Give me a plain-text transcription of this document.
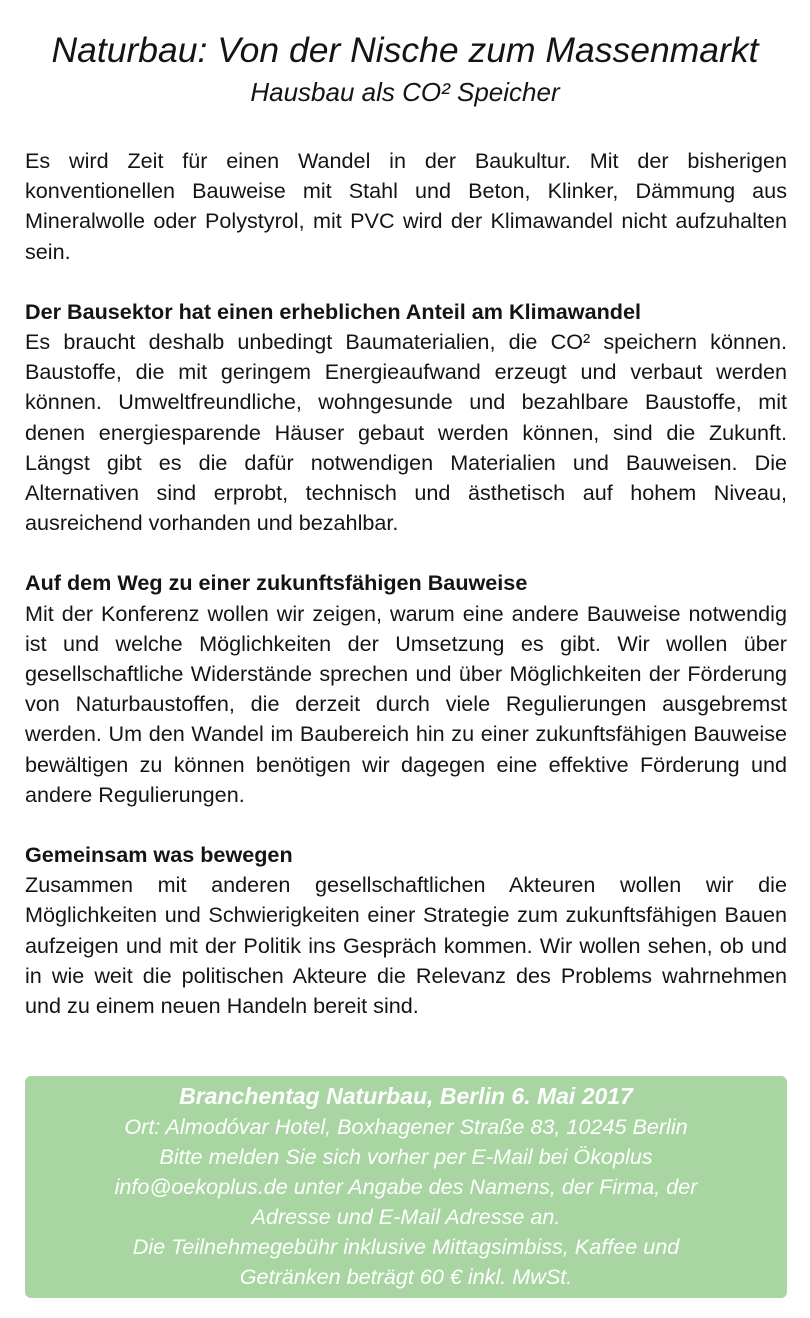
Naturbau: Von der Nische zum Massenmarkt
Hausbau als CO² Speicher

Es wird Zeit für einen Wandel in der Baukultur. Mit der bisherigen konventionellen Bauweise mit Stahl und Beton, Klinker, Dämmung aus Mineralwolle oder Polystyrol, mit PVC wird der Klimawandel nicht aufzuhalten sein.

Der Bausektor hat einen erheblichen Anteil am Klimawandel

Es braucht deshalb unbedingt Baumaterialien, die CO² speichern können. Baustoffe, die mit geringem Energieaufwand erzeugt und verbaut werden können. Umweltfreundliche, wohngesunde und bezahlbare Baustoffe, mit denen energiesparende Häuser gebaut werden können, sind die Zukunft. Längst gibt es die dafür notwendigen Materialien und Bauweisen. Die Alternativen sind erprobt, technisch und ästhetisch auf hohem Niveau, ausreichend vorhanden und bezahlbar.

Auf dem Weg zu einer zukunftsfähigen Bauweise

Mit der Konferenz wollen wir zeigen, warum eine andere Bauweise notwendig ist und welche Möglichkeiten der Umsetzung es gibt. Wir wollen über gesellschaftliche Widerstände sprechen und über Möglichkeiten der Förderung von Naturbaustoffen, die derzeit durch viele Regulierungen ausgebremst werden. Um den Wandel im Baubereich hin zu einer zukunftsfähigen Bauweise bewältigen zu können benötigen wir dagegen eine effektive Förderung und andere Regulierungen.

Gemeinsam was bewegen

Zusammen mit anderen gesellschaftlichen Akteuren wollen wir die Möglichkeiten und Schwierigkeiten einer Strategie zum zukunftsfähigen Bauen aufzeigen und mit der Politik ins Gespräch kommen. Wir wollen sehen, ob und in wie weit die politischen Akteure die Relevanz des Problems wahrnehmen und zu einem neuen Handeln bereit sind.

Branchentag Naturbau, Berlin 6. Mai 2017
Ort: Almodóvar Hotel, Boxhagener Straße 83, 10245 Berlin
Bitte melden Sie sich vorher per E-Mail bei Ökoplus
info@oekoplus.de unter Angabe des Namens, der Firma, der
Adresse und E-Mail Adresse an.
Die Teilnehmegebühr inklusive Mittagsimbiss, Kaffee und
Getränken beträgt 60 € inkl. MwSt.
